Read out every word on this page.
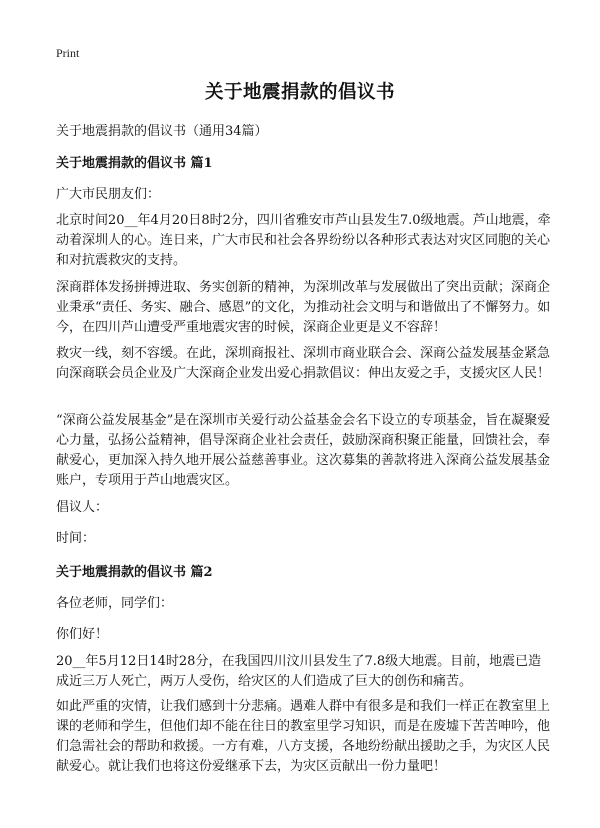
Print
关于地震捐款的倡议书
关于地震捐款的倡议书（通用34篇）
关于地震捐款的倡议书 篇1
广大市民朋友们：
北京时间20__年4月20日8时2分，四川省雅安市芦山县发生7.0级地震。芦山地震，牵动着深圳人的心。连日来，广大市民和社会各界纷纷以各种形式表达对灾区同胞的关心和对抗震救灾的支持。
深商群体发扬拼搏进取、务实创新的精神，为深圳改革与发展做出了突出贡献；深商企业秉承“责任、务实、融合、感恩”的文化，为推动社会文明与和谐做出了不懈努力。如今，在四川芦山遭受严重地震灾害的时候，深商企业更是义不容辞！
救灾一线，刻不容缓。在此，深圳商报社、深圳市商业联合会、深商公益发展基金紧急向深商联会员企业及广大深商企业发出爱心捐款倡议：伸出友爱之手，支援灾区人民！
“深商公益发展基金”是在深圳市关爱行动公益基金会名下设立的专项基金，旨在凝聚爱心力量，弘扬公益精神，倡导深商企业社会责任，鼓励深商积聚正能量，回馈社会，奉献爱心，更加深入持久地开展公益慈善事业。这次募集的善款将进入深商公益发展基金账户，专项用于芦山地震灾区。
倡议人：
时间：
关于地震捐款的倡议书 篇2
各位老师，同学们：
你们好！
20__年5月12日14时28分，在我国四川汶川县发生了7.8级大地震。目前，地震已造成近三万人死亡，两万人受伤，给灾区的人们造成了巨大的创伤和痛苦。
如此严重的灾情，让我们感到十分悲痛。遇难人群中有很多是和我们一样正在教室里上课的老师和学生，但他们却不能在往日的教室里学习知识，而是在废墟下苦苦呻吟，他们急需社会的帮助和救援。一方有难，八方支援，各地纷纷献出援助之手，为灾区人民献爱心。就让我们也将这份爱继承下去，为灾区贡献出一份力量吧！
